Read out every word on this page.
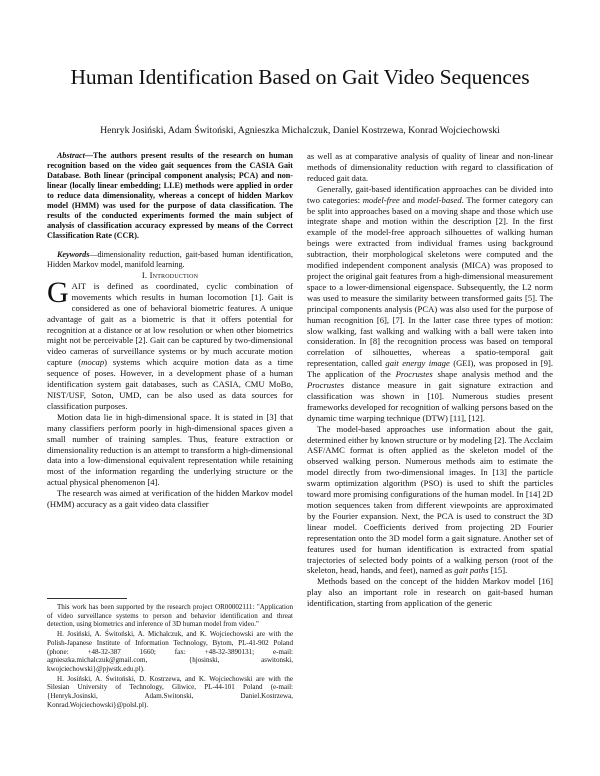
Human Identification Based on Gait Video Sequences

Henryk Josiński, Adam Świtoński, Agnieszka Michalczuk, Daniel Kostrzewa, Konrad Wojciechowski

Abstract—The authors present results of the research on human recognition based on the video gait sequences from the CASIA Gait Database. Both linear (principal component analysis; PCA) and non-linear (locally linear embedding; LLE) methods were applied in order to reduce data dimensionality, whereas a concept of hidden Markov model (HMM) was used for the purpose of data classification. The results of the conducted experiments formed the main subject of analysis of classification accuracy expressed by means of the Correct Classification Rate (CCR).

Keywords—dimensionality reduction, gait-based human identification, Hidden Markov model, manifold learning.

I. Introduction

GAIT is defined as coordinated, cyclic combination of movements which results in human locomotion [1]. Gait is considered as one of behavioral biometric features. A unique advantage of gait as a biometric is that it offers potential for recognition at a distance or at low resolution or when other biometrics might not be perceivable [2]. Gait can be captured by two-dimensional video cameras of surveillance systems or by much accurate motion capture (mocap) systems which acquire motion data as a time sequence of poses. However, in a development phase of a human identification system gait databases, such as CASIA, CMU MoBo, NIST/USF, Soton, UMD, can be also used as data sources for classification purposes.

Motion data lie in high-dimensional space. It is stated in [3] that many classifiers perform poorly in high-dimensional spaces given a small number of training samples. Thus, feature extraction or dimensionality reduction is an attempt to transform a high-dimensional data into a low-dimensional equivalent representation while retaining most of the information regarding the underlying structure or the actual physical phenomenon [4].

The research was aimed at verification of the hidden Markov model (HMM) accuracy as a gait video data classifier

This work has been supported by the research project OR00002111: "Application of video surveillance systems to person and behavior identification and threat detection, using biometrics and inference of 3D human model from video."

H. Josiński, A. Świtoński, A. Michalczuk, and K. Wojciechowski are with the Polish-Japanese Institute of Information Technology, Bytom, PL-41-902 Poland (phone: +48-32-387 1660; fax: +48-32-3890131; e-mail: agnieszka.michalczuk@gmail.com, {hjosinski, aswitonski, kwojciechowski}@pjwstk.edu.pl).

H. Josiński, A. Świtoński, D. Kostrzewa, and K. Wojciechowski are with the Silesian University of Technology, Gliwice, PL-44-101 Poland (e-mail: {Henryk.Josinski, Adam.Switonski, Daniel.Kostrzewa, Konrad.Wojciechowski}@polsl.pl).

as well as at comparative analysis of quality of linear and non-linear methods of dimensionality reduction with regard to classification of reduced gait data.

Generally, gait-based identification approaches can be divided into two categories: model-free and model-based. The former category can be split into approaches based on a moving shape and those which use integrate shape and motion within the description [2]. In the first example of the model-free approach silhouettes of walking human beings were extracted from individual frames using background subtraction, their morphological skeletons were computed and the modified independent component analysis (MICA) was proposed to project the original gait features from a high-dimensional measurement space to a lower-dimensional eigenspace. Subsequently, the L2 norm was used to measure the similarity between transformed gaits [5]. The principal components analysis (PCA) was also used for the purpose of human recognition [6], [7]. In the latter case three types of motion: slow walking, fast walking and walking with a ball were taken into consideration. In [8] the recognition process was based on temporal correlation of silhouettes, whereas a spatio-temporal gait representation, called gait energy image (GEI), was proposed in [9]. The application of the Procrustes shape analysis method and the Procrustes distance measure in gait signature extraction and classification was shown in [10]. Numerous studies present frameworks developed for recognition of walking persons based on the dynamic time warping technique (DTW) [11], [12].

The model-based approaches use information about the gait, determined either by known structure or by modeling [2]. The Acclaim ASF/AMC format is often applied as the skeleton model of the observed walking person. Numerous methods aim to estimate the model directly from two-dimensional images. In [13] the particle swarm optimization algorithm (PSO) is used to shift the particles toward more promising configurations of the human model. In [14] 2D motion sequences taken from different viewpoints are approximated by the Fourier expansion. Next, the PCA is used to construct the 3D linear model. Coefficients derived from projecting 2D Fourier representation onto the 3D model form a gait signature. Another set of features used for human identification is extracted from spatial trajectories of selected body points of a walking person (root of the skeleton, head, hands, and feet), named as gait paths [15].

Methods based on the concept of the hidden Markov model [16] play also an important role in research on gait-based human identification, starting from application of the generic
